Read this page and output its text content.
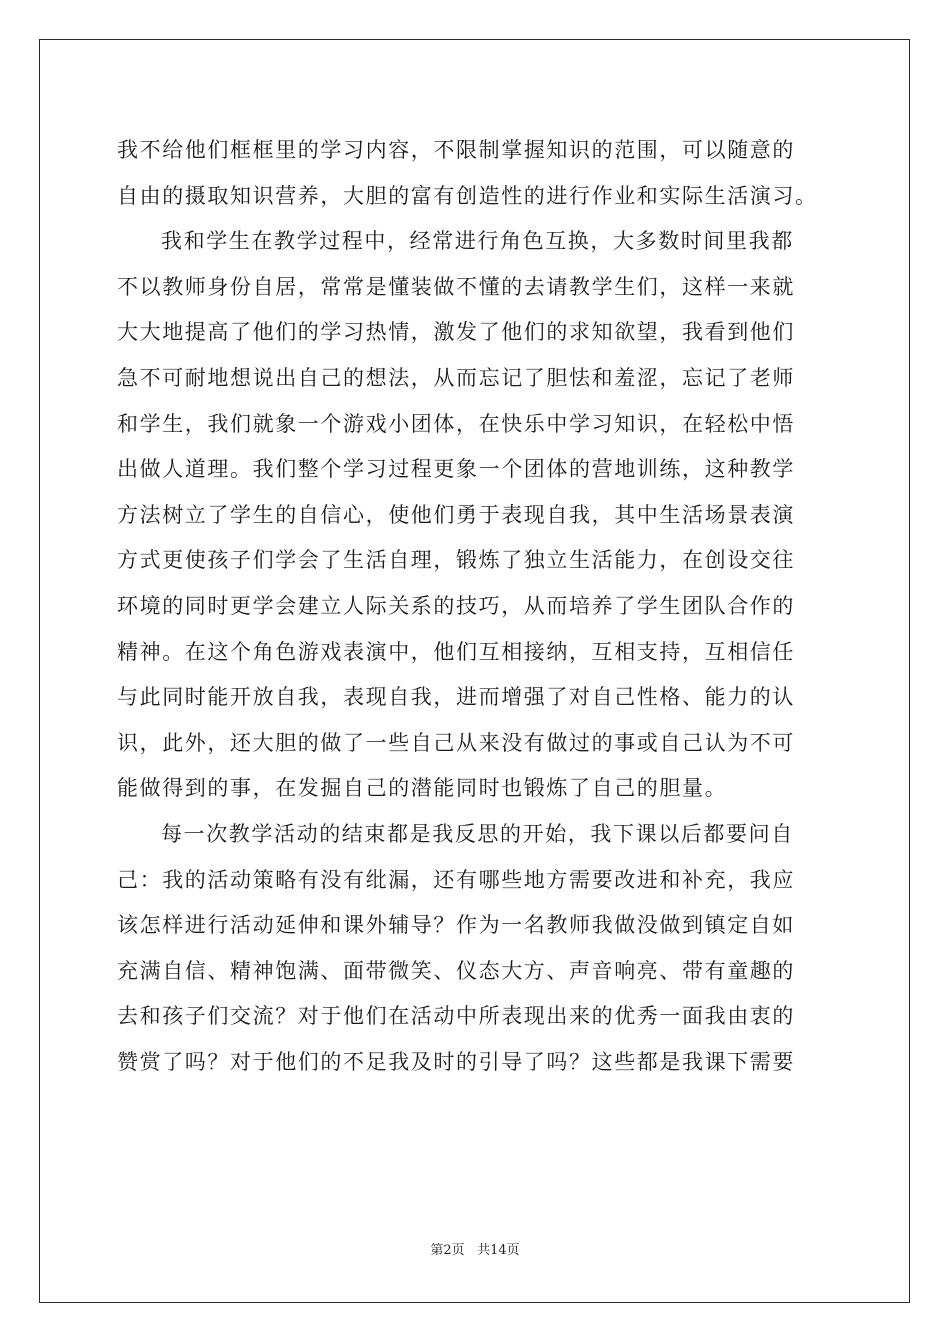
我不给他们框框里的学习内容，不限制掌握知识的范围，可以随意的
自由的摄取知识营养，大胆的富有创造性的进行作业和实际生活演习。
我和学生在教学过程中，经常进行角色互换，大多数时间里我都
不以教师身份自居，常常是懂装做不懂的去请教学生们，这样一来就
大大地提高了他们的学习热情，激发了他们的求知欲望，我看到他们
急不可耐地想说出自己的想法，从而忘记了胆怯和羞涩，忘记了老师
和学生，我们就象一个游戏小团体，在快乐中学习知识，在轻松中悟
出做人道理。我们整个学习过程更象一个团体的营地训练，这种教学
方法树立了学生的自信心，使他们勇于表现自我，其中生活场景表演
方式更使孩子们学会了生活自理，锻炼了独立生活能力，在创设交往
环境的同时更学会建立人际关系的技巧，从而培养了学生团队合作的
精神。在这个角色游戏表演中，他们互相接纳，互相支持，互相信任
与此同时能开放自我，表现自我，进而增强了对自己性格、能力的认
识，此外，还大胆的做了一些自己从来没有做过的事或自己认为不可
能做得到的事，在发掘自己的潜能同时也锻炼了自己的胆量。
每一次教学活动的结束都是我反思的开始，我下课以后都要问自
己：我的活动策略有没有纰漏，还有哪些地方需要改进和补充，我应
该怎样进行活动延伸和课外辅导？作为一名教师我做没做到镇定自如
充满自信、精神饱满、面带微笑、仪态大方、声音响亮、带有童趣的
去和孩子们交流？对于他们在活动中所表现出来的优秀一面我由衷的
赞赏了吗？对于他们的不足我及时的引导了吗？这些都是我课下需要
第2页 共14页
